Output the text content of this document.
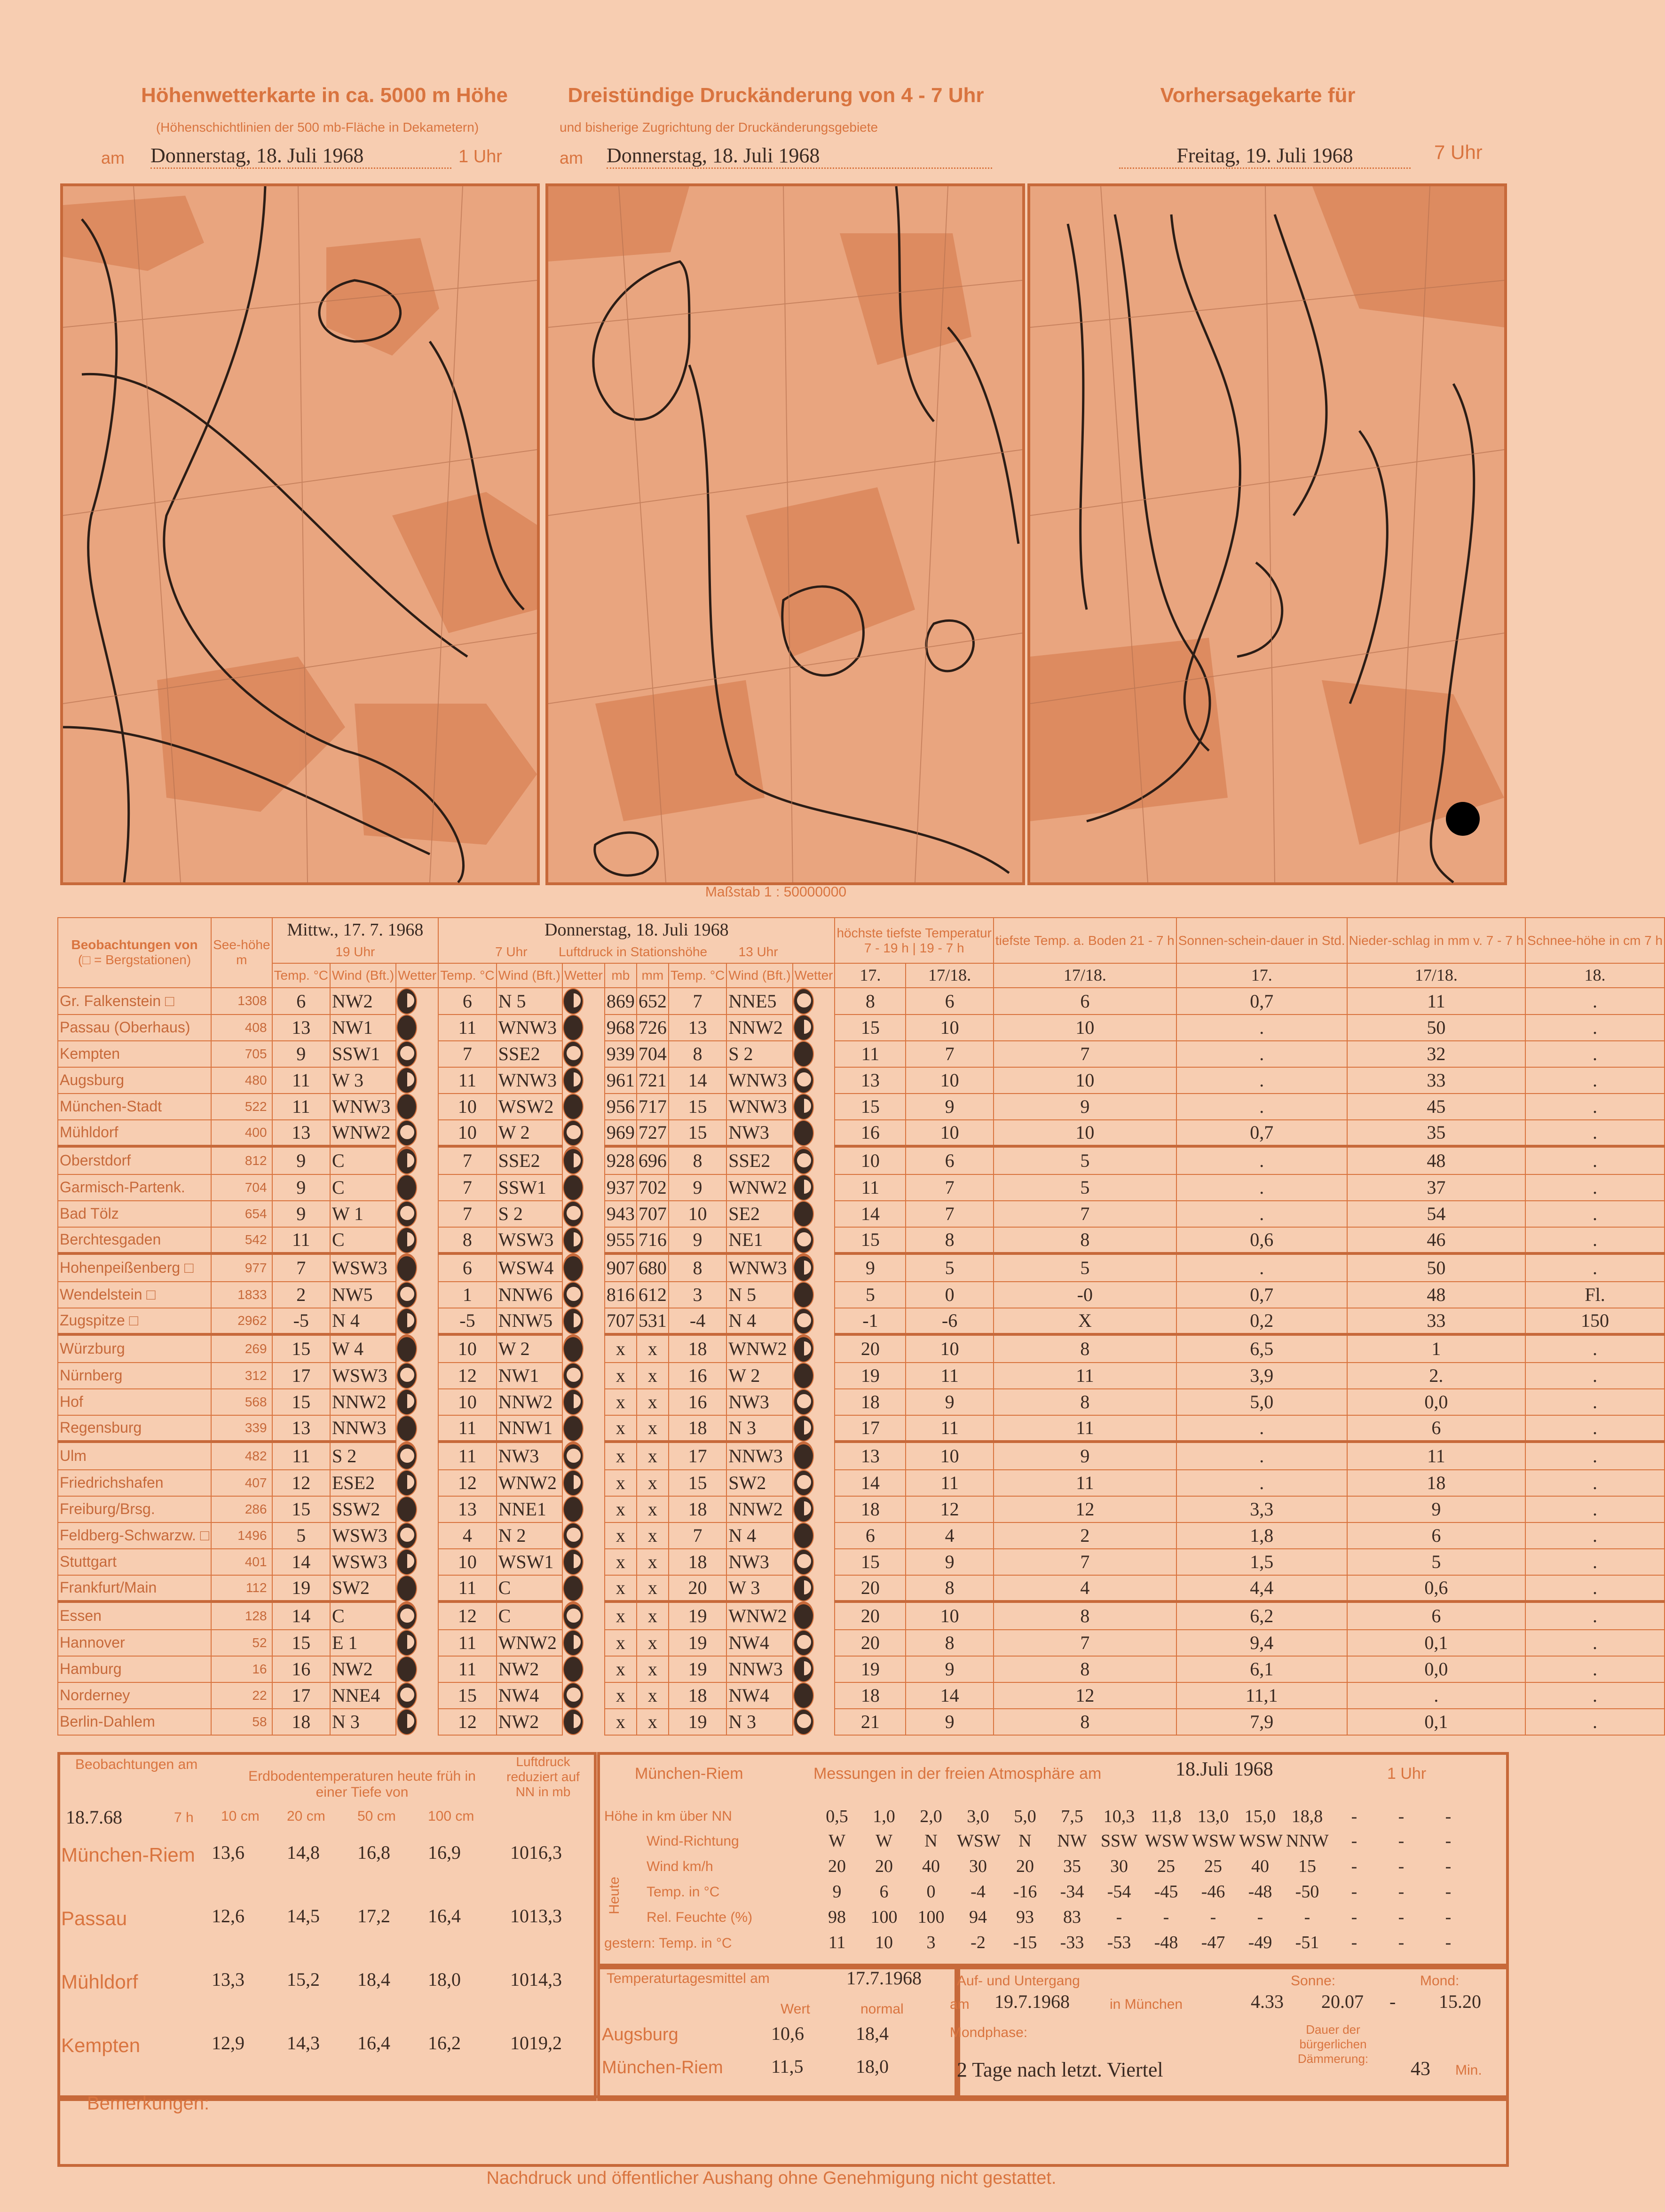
Höhenwetterkarte in ca. 5000 m Höhe
(Höhenschichtlinien der 500 mb-Fläche in Dekametern)
am Donnerstag, 18. Juli 1968	1 Uhr
Dreistündige Druckänderung von 4 - 7 Uhr
und bisherige Zugrichtung der Druckänderungsgebiete
am Donnerstag, 18. Juli 1968
Vorhersagekarte für
Freitag, 19. Juli 1968	7 Uhr
Maßstab 1 : 50000000
Beobachtungen von
(□ = Bergstationen)	See-höhe
m	Mittw., 17. 7. 1968
19 Uhr			Donnerstag, 18. Juli 1968
7 Uhr Luftdruck in Stationshöhe 13 Uhr								höchste tiefste Temperatur
7 - 19 h | 19 - 7 h		tiefste Temp. a. Boden 21 - 7 h	Sonnen-schein-dauer in Std.	Nieder-schlag in mm v. 7 - 7 h	Schnee-höhe in cm 7 h
		Temp. °C	Wind (Bft.)	Wetter	Temp. °C	Wind (Bft.)	Wetter	mb	mm	Temp. °C	Wind (Bft.)	Wetter	17.	17/18.	17/18.	17.	17/18.	18.
Gr. Falkenstein □	1308	6	NW2	6	N 5	869	652	7	NNE5	8	6	6	0,7	11	.
Passau (Oberhaus)	408	13	NW1	11	WNW3	968	726	13	NNW2	15	10	10	.	50	.
Kempten	705	9	SSW1	7	SSE2	939	704	8	S 2	11	7	7	.	32	.
Augsburg	480	11	W 3	11	WNW3	961	721	14	WNW3	13	10	10	.	33	.
München-Stadt	522	11	WNW3	10	WSW2	956	717	15	WNW3	15	9	9	.	45	.
Mühldorf	400	13	WNW2	10	W 2	969	727	15	NW3	16	10	10	0,7	35	.
Oberstdorf	812	9	C	7	SSE2	928	696	8	SSE2	10	6	5	.	48	.
Garmisch-Partenk.	704	9	C	7	SSW1	937	702	9	WNW2	11	7	5	.	37	.
Bad Tölz	654	9	W 1	7	S 2	943	707	10	SE2	14	7	7	.	54	.
Berchtesgaden	542	11	C	8	WSW3	955	716	9	NE1	15	8	8	0,6	46	.
Hohenpeißenberg □	977	7	WSW3	6	WSW4	907	680	8	WNW3	9	5	5	.	50	.
Wendelstein □	1833	2	NW5	1	NNW6	816	612	3	N 5	5	0	-0	0,7	48	Fl.
Zugspitze □	2962	-5	N 4	-5	NNW5	707	531	-4	N 4	-1	-6	X	0,2	33	150
Würzburg	269	15	W 4	10	W 2	x	x	18	WNW2	20	10	8	6,5	1	.
Nürnberg	312	17	WSW3	12	NW1	x	x	16	W 2	19	11	11	3,9	2.	.
Hof	568	15	NNW2	10	NNW2	x	x	16	NW3	18	9	8	5,0	0,0	.
Regensburg	339	13	NNW3	11	NNW1	x	x	18	N 3	17	11	11	.	6	.
Ulm	482	11	S 2	11	NW3	x	x	17	NNW3	13	10	9	.	11	.
Friedrichshafen	407	12	ESE2	12	WNW2	x	x	15	SW2	14	11	11	.	18	.
Freiburg/Brsg.	286	15	SSW2	13	NNE1	x	x	18	NNW2	18	12	12	3,3	9	.
Feldberg-Schwarzw. □	1496	5	WSW3	4	N 2	x	x	7	N 4	6	4	2	1,8	6	.
Stuttgart	401	14	WSW3	10	WSW1	x	x	18	NW3	15	9	7	1,5	5	.
Frankfurt/Main	112	19	SW2	11	C	x	x	20	W 3	20	8	4	4,4	0,6	.
Essen	128	14	C	12	C	x	x	19	WNW2	20	10	8	6,2	6	.
Hannover	52	15	E 1	11	WNW2	x	x	19	NW4	20	8	7	9,4	0,1	.
Hamburg	16	16	NW2	11	NW2	x	x	19	NNW3	19	9	8	6,1	0,0	.
Norderney	22	17	NNE4	15	NW4	x	x	18	NW4	18	14	12	11,1	.	.
Berlin-Dahlem	58	18	N 3	12	NW2	x	x	19	N 3	21	9	8	7,9	0,1	.
Beobachtungen am
18.7.68	7 h
Erdbodentemperaturen heute früh in einer Tiefe von
Luftdruck reduziert auf NN in mb
10 cm 20 cm 50 cm 100 cm
München-Riem 13,6 14,8 16,8 16,9	1016,3
Passau	12,6 14,5 17,2 16,4	1013,3
Mühldorf	13,3 15,2 18,4 18,0	1014,3
Kempten	12,9 14,3 16,4 16,2	1019,2
München-Riem	Messungen in der freien Atmosphäre am	18.Juli 1968	1 Uhr
Höhe in km über NN
Heute
Wind-Richtung
Wind km/h
Temp. in °C
Rel. Feuchte (%)
gestern: Temp. in °C
0,5	1,0	2,0	3,0	5,0	7,5	10,3 11,8 13,0 15,0 18,8	-	-	-
W	W	N	WSW	N	NW SSW WSW WSW WSW NNW	-	-	-
20	20	40	30	20	35	30	25	25	40	15	-	-	-
9	6	0	-4	-16	-34	-54	-45	-46	-48	-50	-	-	-
98	100	100	94	93	83	-	-	-	-	-	-	-	-
11	10	3	-2	-15	-33	-53	-48	-47	-49	-51	-	-	-
Temperaturtagesmittel am	17.7.1968
Wert	normal
Augsburg	10,6	18,4
München-Riem	11,5	18,0
Auf- und Untergang
am 19.7.1968	in München
Sonne:
4.33 20.07
Mond:
- 15.20
Mondphase:
2 Tage nach letzt. Viertel
Dauer der bürgerlichen Dämmerung:	43 Min.
Bemerkungen:
Nachdruck und öffentlicher Aushang ohne Genehmigung nicht gestattet.
